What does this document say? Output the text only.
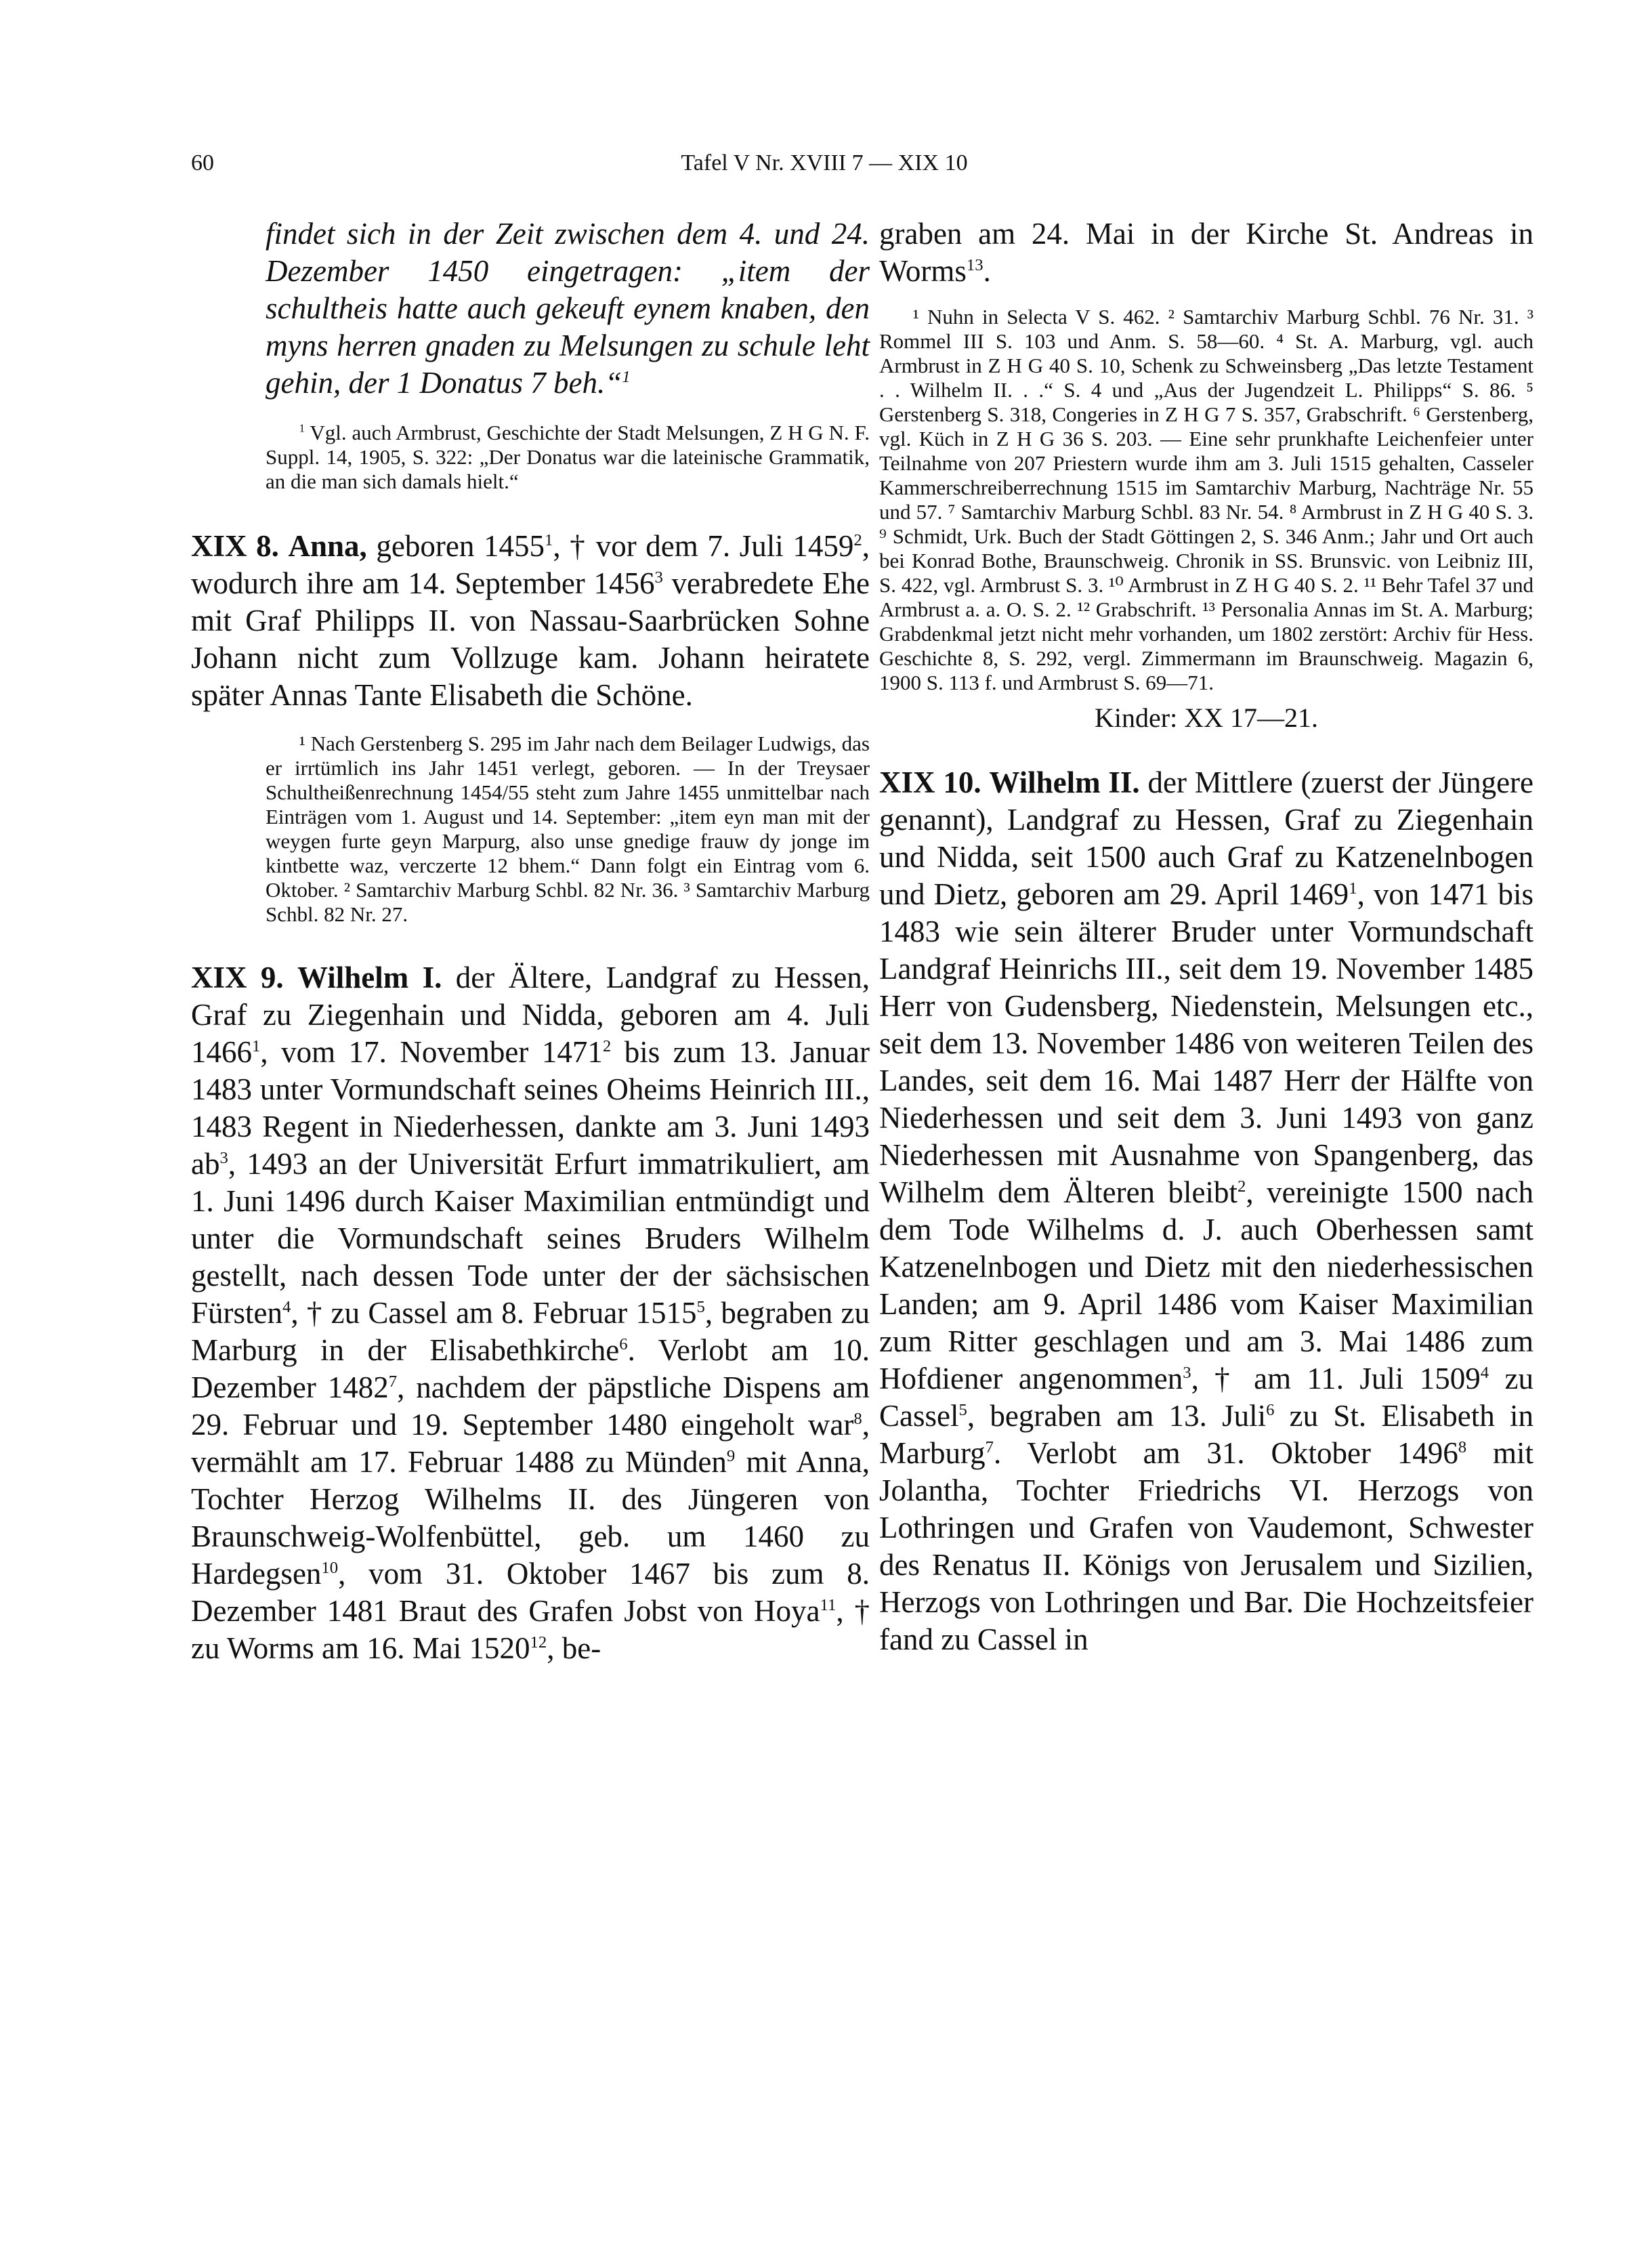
60	Tafel V Nr. XVIII 7 — XIX 10

findet sich in der Zeit zwischen dem 4. und 24. Dezember 1450 eingetragen: „item der schultheis hatte auch gekeuft eynem knaben, den myns herren gnaden zu Melsungen zu schule leht gehin, der 1 Donatus 7 beh.“$^1$

$^1$ Vgl. auch Armbrust, Geschichte der Stadt Melsungen, Z H G N. F. Suppl. 14, 1905, S. 322: „Der Donatus war die lateinische Grammatik, an die man sich damals hielt.“

XIX 8. Anna, geboren 1455$^1$, † vor dem 7. Juli 1459$^2$, wodurch ihre am 14. September 1456$^3$ verabredete Ehe mit Graf Philipps II. von Nassau-Saarbrücken Sohne Johann nicht zum Vollzuge kam. Johann heiratete später Annas Tante Elisabeth die Schöne.

¹ Nach Gerstenberg S. 295 im Jahr nach dem Beilager Ludwigs, das er irrtümlich ins Jahr 1451 verlegt, geboren. — In der Treysaer Schultheißenrechnung 1454/55 steht zum Jahre 1455 unmittelbar nach Einträgen vom 1. August und 14. September: „item eyn man mit der weygen furte geyn Marpurg, also unse gnedige frauw dy jonge im kintbette waz, verczerte 12 bhem.“ Dann folgt ein Eintrag vom 6. Oktober. ² Samtarchiv Marburg Schbl. 82 Nr. 36. ³ Samtarchiv Marburg Schbl. 82 Nr. 27.

XIX 9. Wilhelm I. der Ältere, Landgraf zu Hessen, Graf zu Ziegenhain und Nidda, geboren am 4. Juli 1466$^1$, vom 17. November 1471$^2$ bis zum 13. Januar 1483 unter Vormundschaft seines Oheims Heinrich III., 1483 Regent in Niederhessen, dankte am 3. Juni 1493 $ab^3$, 1493 an der Universität Erfurt immatrikuliert, am 1. Juni 1496 durch Kaiser Maximilian entmündigt und unter die Vormundschaft seines Bruders Wilhelm gestellt, nach dessen Tode unter der der sächsischen Fürsten$^4$, † zu Cassel am 8. Februar 1515$^5$, begraben zu Marburg in der Elisabethkirche$^6$. Verlobt am 10. Dezember 1482$^7$, nachdem der päpstliche Dispens am 29. Februar und 19. September 1480 eingeholt war$^8$, vermählt am 17. Februar 1488 zu Münden$^9$ mit Anna, Tochter Herzog Wilhelms II. des Jüngeren von Braunschweig-Wolfenbüttel, geb. um 1460 zu Hardegsen$^{10}$, vom 31. Oktober 1467 bis zum 8. Dezember 1481 Braut des Grafen Jobst von Hoya$^{11}$, † zu Worms am 16. Mai 1520$^{12}$, be-

graben am 24. Mai in der Kirche St. Andreas in Worms$^{13}$.

¹ Nuhn in Selecta V S. 462. ² Samtarchiv Marburg Schbl. 76 Nr. 31. ³ Rommel III S. 103 und Anm. S. 58—60. ⁴ St. A. Marburg, vgl. auch Armbrust in Z H G 40 S. 10, Schenk zu Schweinsberg „Das letzte Testament . . Wilhelm II. . .“ S. 4 und „Aus der Jugendzeit L. Philipps“ S. 86. ⁵ Gerstenberg S. 318, Congeries in Z H G 7 S. 357, Grabschrift. ⁶ Gerstenberg, vgl. Küch in Z H G 36 S. 203. — Eine sehr prunkhafte Leichenfeier unter Teilnahme von 207 Priestern wurde ihm am 3. Juli 1515 gehalten, Casseler Kammerschreiberrechnung 1515 im Samtarchiv Marburg, Nachträge Nr. 55 und 57. ⁷ Samtarchiv Marburg Schbl. 83 Nr. 54. ⁸ Armbrust in Z H G 40 S. 3. ⁹ Schmidt, Urk. Buch der Stadt Göttingen 2, S. 346 Anm.; Jahr und Ort auch bei Konrad Bothe, Braunschweig. Chronik in SS. Brunsvic. von Leibniz III, S. 422, vgl. Armbrust S. 3. ¹⁰ Armbrust in Z H G 40 S. 2. ¹¹ Behr Tafel 37 und Armbrust a. a. O. S. 2. ¹² Grabschrift. ¹³ Personalia Annas im St. A. Marburg; Grabdenkmal jetzt nicht mehr vorhanden, um 1802 zerstört: Archiv für Hess. Geschichte 8, S. 292, vergl. Zimmermann im Braunschweig. Magazin 6, 1900 S. 113 f. und Armbrust S. 69—71.

Kinder: XX 17—21.

XIX 10. Wilhelm II. der Mittlere (zuerst der Jüngere genannt), Landgraf zu Hessen, Graf zu Ziegenhain und Nidda, seit 1500 auch Graf zu Katzenelnbogen und Dietz, geboren am 29. April 1469$^1$, von 1471 bis 1483 wie sein älterer Bruder unter Vormundschaft Landgraf Heinrichs III., seit dem 19. November 1485 Herr von Gudensberg, Niedenstein, Melsungen etc., seit dem 13. November 1486 von weiteren Teilen des Landes, seit dem 16. Mai 1487 Herr der Hälfte von Niederhessen und seit dem 3. Juni 1493 von ganz Niederhessen mit Ausnahme von Spangenberg, das Wilhelm dem Älteren bleibt$^2$, vereinigte 1500 nach dem Tode Wilhelms d. J. auch Oberhessen samt Katzenelnbogen und Dietz mit den niederhessischen Landen; am 9. April 1486 vom Kaiser Maximilian zum Ritter geschlagen und am 3. Mai 1486 zum Hofdiener angenommen$^3$, † am 11. Juli 1509$^4$ zu Cassel$^5$, begraben am 13. Juli$^6$ zu St. Elisabeth in Marburg$^7$. Verlobt am 31. Oktober 1496$^8$ mit Jolantha, Tochter Friedrichs VI. Herzogs von Lothringen und Grafen von Vaudemont, Schwester des Renatus II. Königs von Jerusalem und Sizilien, Herzogs von Lothringen und Bar. Die Hochzeitsfeier fand zu Cassel in
